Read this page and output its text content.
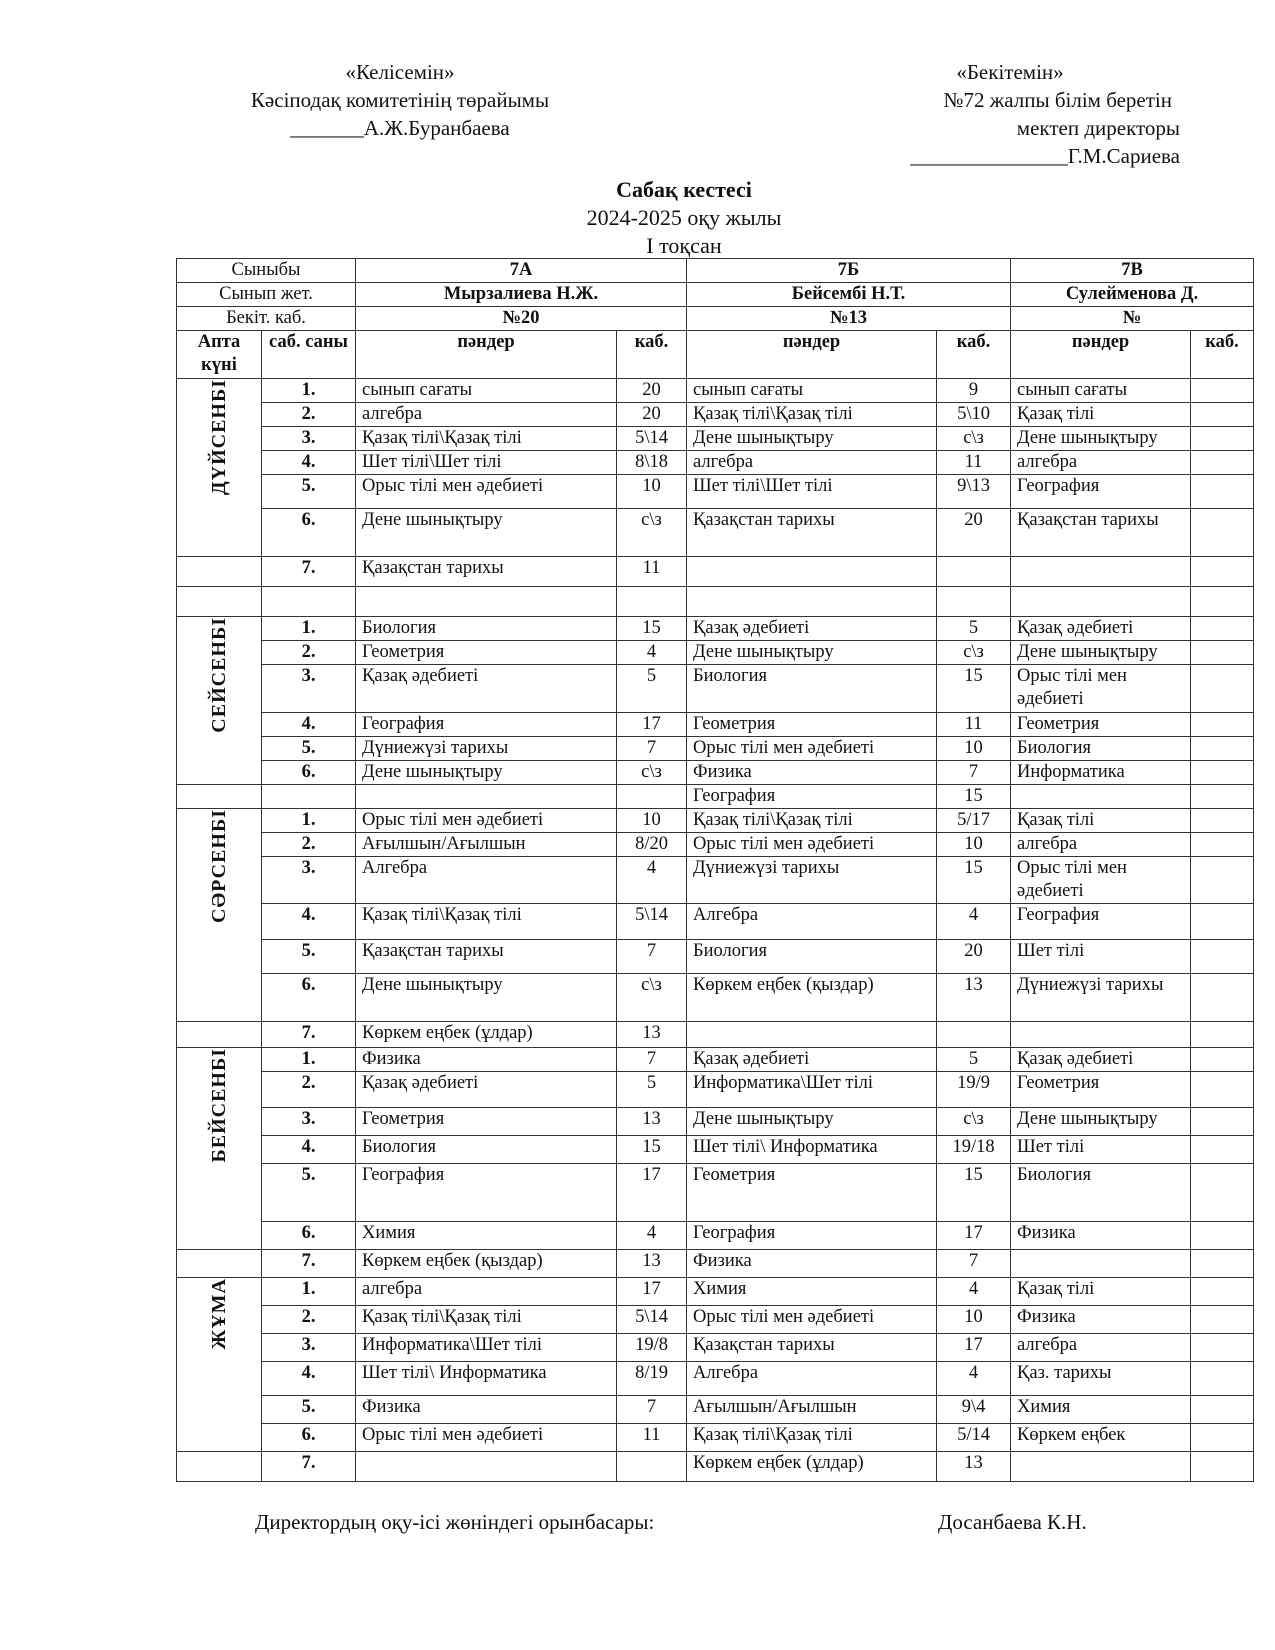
«Келісемін»
Кәсіподақ комитетінің төрайымы
_______А.Ж.Буранбаева
«Бекітемін»
№72 жалпы білім беретін
мектеп директоры
_______________Г.М.Сариева
Сабақ кестесі
2024-2025 оқу жылы
І тоқсан
Сыныбы		7А		7Б		7В	
Сынып жет.		Мырзалиева Н.Ж.		Бейсембі Н.Т.		Сулейменова Д.	
Бекіт. каб.		№20		№13		№	
Апта күні	саб. саны	пәндер	каб.	пәндер	каб.	пәндер	каб.
ДҮЙСЕНБІ	1.	сынып сағаты	20	сынып сағаты	9	сынып сағаты	
	2.	алгебра	20	Қазақ тілі\Қазақ тілі	5\10	Қазақ тілі	
	3.	Қазақ тілі\Қазақ тілі	5\14	Дене шынықтыру	с\з	Дене шынықтыру	
	4.	Шет тілі\Шет тілі	8\18	алгебра	11	алгебра	
	5.	Орыс тілі мен әдебиеті	10	Шет тілі\Шет тілі	9\13	География	
	6.	Дене шынықтыру	с\з	Қазақстан тарихы	20	Қазақстан тарихы	
	7.	Қазақстан тарихы	11				

СЕЙСЕНБІ	1.	Биология	15	Қазақ әдебиеті	5	Қазақ әдебиеті	
	2.	Геометрия	4	Дене шынықтыру	с\з	Дене шынықтыру	
	3.	Қазақ әдебиеті	5	Биология	15	Орыс тілі мен әдебиеті	
	4.	География	17	Геометрия	11	Геометрия	
	5.	Дүниежүзі тарихы	7	Орыс тілі мен әдебиеті	10	Биология	
	6.	Дене шынықтыру	с\з	Физика	7	Информатика	
				География	15		
СӘРСЕНБІ	1.	Орыс тілі мен әдебиеті	10	Қазақ тілі\Қазақ тілі	5/17	Қазақ тілі	
	2.	Ағылшын/Ағылшын	8/20	Орыс тілі мен әдебиеті	10	алгебра	
	3.	Алгебра	4	Дүниежүзі тарихы	15	Орыс тілі мен әдебиеті	
	4.	Қазақ тілі\Қазақ тілі	5\14	Алгебра	4	География	
	5.	Қазақстан тарихы	7	Биология	20	Шет тілі	
	6.	Дене шынықтыру	с\з	Көркем еңбек (қыздар)	13	Дүниежүзі тарихы	
	7.	Көркем еңбек (ұлдар)	13				
БЕЙСЕНБІ	1.	Физика	7	Қазақ әдебиеті	5	Қазақ әдебиеті	
	2.	Қазақ әдебиеті	5	Информатика\Шет тілі	19/9	Геометрия	
	3.	Геометрия	13	Дене шынықтыру	с\з	Дене шынықтыру	
	4.	Биология	15	Шет тілі\ Информатика	19/18	Шет тілі	
	5.	География	17	Геометрия	15	Биология	
	6.	Химия	4	География	17	Физика	
	7.	Көркем еңбек (қыздар)	13	Физика	7		
ЖҰМА	1.	алгебра	17	Химия	4	Қазақ тілі	
	2.	Қазақ тілі\Қазақ тілі	5\14	Орыс тілі мен әдебиеті	10	Физика	
	3.	Информатика\Шет тілі	19/8	Қазақстан тарихы	17	алгебра	
	4.	Шет тілі\ Информатика	8/19	Алгебра	4	Қаз. тарихы	
	5.	Физика	7	Ағылшын/Ағылшын	9\4	Химия	
	6.	Орыс тілі мен әдебиеті	11	Қазақ тілі\Қазақ тілі	5/14	Көркем еңбек	
	7.			Көркем еңбек (ұлдар)	13		
Директордың оқу-ісі жөніндегі орынбасары:	Досанбаева К.Н.
